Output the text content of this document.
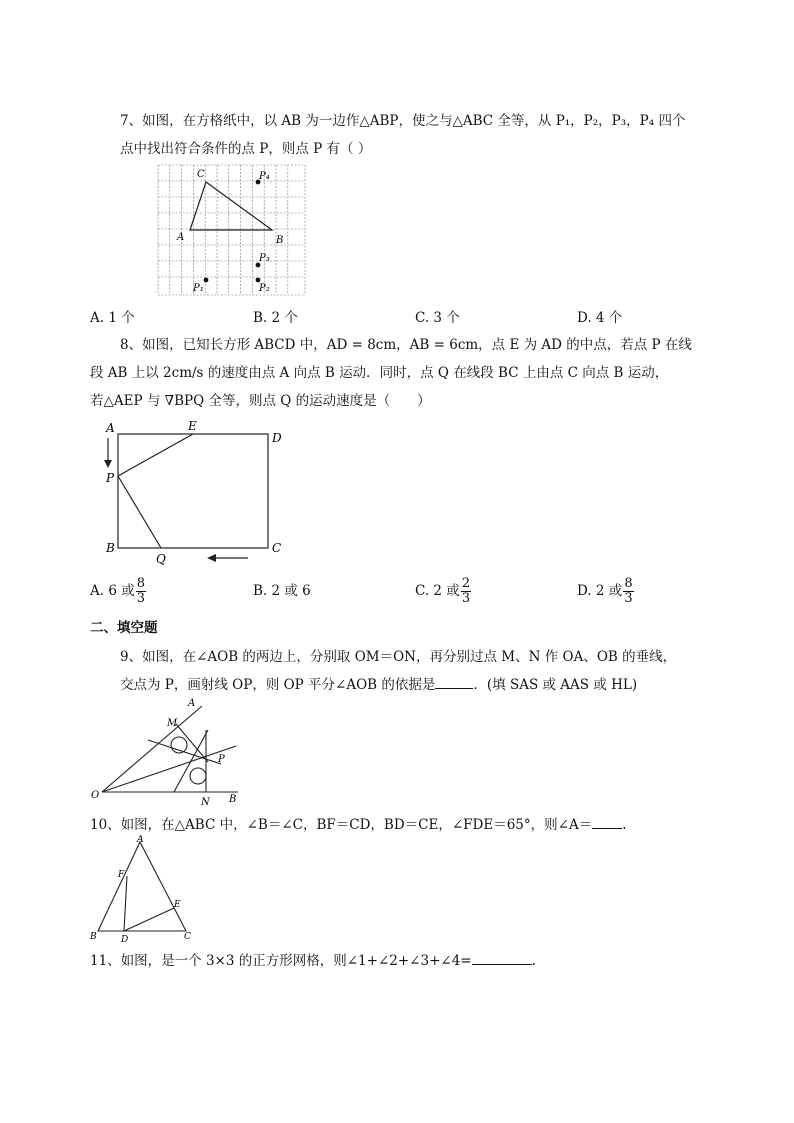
7、如图，在方格纸中，以 AB 为一边作△ABP，使之与△ABC 全等，从 P₁，P₂，P₃，P₄ 四个
点中找出符合条件的点 P，则点 P 有（ ）
C	P₄
A	B
P₃
P₂
P₁
A. 1 个	B. 2 个	C. 3 个	D. 4 个
8、如图，已知长方形 ABCD 中，AD = 8cm，AB = 6cm，点 E 为 AD 的中点，若点 P 在线
段 AB 上以 2cm/s 的速度由点 A 向点 B 运动．同时，点 Q 在线段 BC 上由点 C 向点 B 运动，
若△AEP 与 ∇BPQ 全等，则点 Q 的运动速度是（　　）
A	E
D
P
B
Q
C
A. 6 或 $\frac{8}{3}$	B. 2 或 6	C. 2 或 $\frac{2}{3}$	D. 2 或 $\frac{8}{3}$
二、填空题
9、如图，在∠AOB 的两边上，分别取 OM＝ON，再分别过点 M、N 作 OA、OB 的垂线，
交点为 P，画射线 OP，则 OP 平分∠AOB 的依据是	．(填 SAS 或 AAS 或 HL)
A
M
P
O
N B
10、如图，在△ABC 中，∠B＝∠C，BF＝CD，BD＝CE，∠FDE＝65°，则∠A＝ .
A
F
E
B	D	C
11、如图，是一个 3×3 的正方形网格，则∠1+∠2+∠3+∠4=	.
